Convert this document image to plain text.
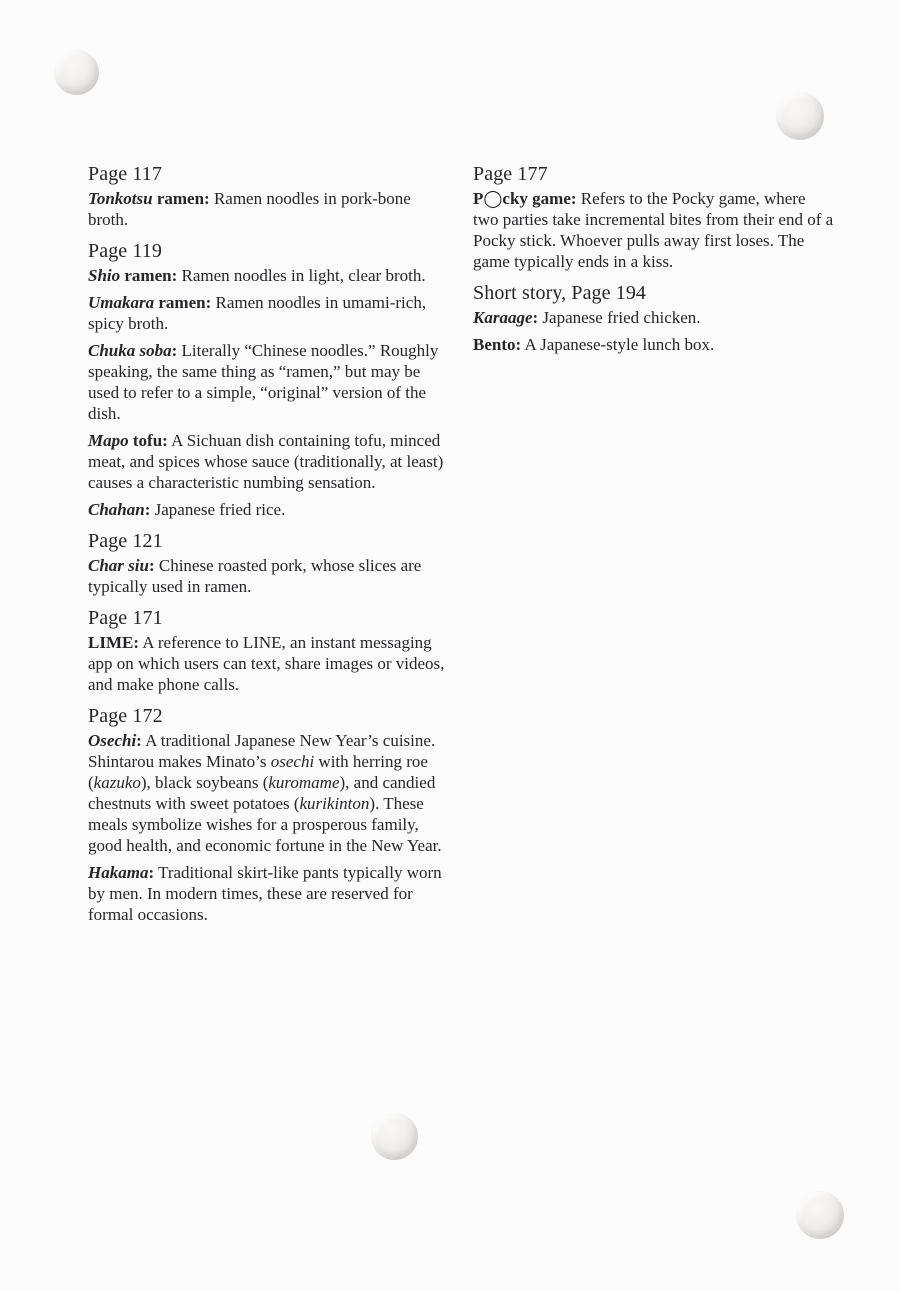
Page 117

Tonkotsu ramen: Ramen noodles in pork-bone broth.

Page 119

Shio ramen: Ramen noodles in light, clear broth.

Umakara ramen: Ramen noodles in umami-rich, spicy broth.

Chuka soba: Literally “Chinese noodles.” Roughly speaking, the same thing as “ramen,” but may be used to refer to a simple, “original” version of the dish.

Mapo tofu: A Sichuan dish containing tofu, minced meat, and spices whose sauce (traditionally, at least) causes a characteristic numbing sensation.

Chahan: Japanese fried rice.

Page 121

Char siu: Chinese roasted pork, whose slices are typically used in ramen.

Page 171

LIME: A reference to LINE, an instant messaging app on which users can text, share images or videos, and make phone calls.

Page 172

Osechi: A traditional Japanese New Year’s cuisine. Shintarou makes Minato’s osechi with herring roe (kazuko), black soybeans (kuromame), and candied chestnuts with sweet potatoes (kurikinton). These meals symbolize wishes for a prosperous family, good health, and economic fortune in the New Year.

Hakama: Traditional skirt-like pants typically worn by men. In modern times, these are reserved for formal occasions.

Page 177

P◯cky game: Refers to the Pocky game, where two parties take incremental bites from their end of a Pocky stick. Whoever pulls away first loses. The game typically ends in a kiss.

Short story, Page 194

Karaage: Japanese fried chicken.

Bento: A Japanese-style lunch box.
